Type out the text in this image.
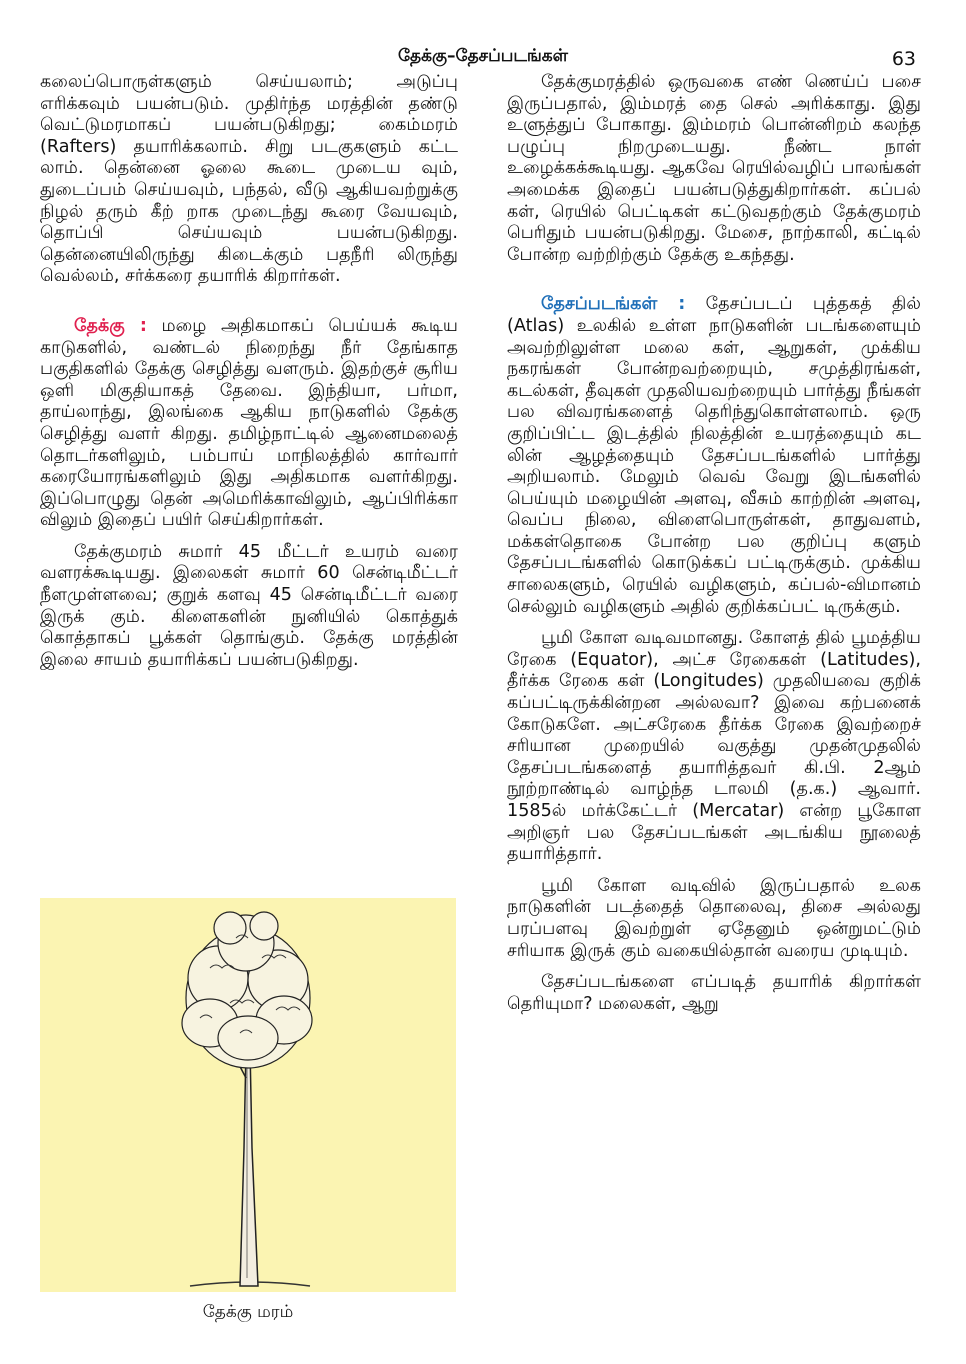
தேக்கு–தேசப்படங்கள்	63

கலைப்பொருள்களும் செய்யலாம்; அடுப்பு எரிக்கவும் பயன்படும். முதிர்ந்த மரத்தின் தண்டு வெட்டுமரமாகப் பயன்படுகிறது; கைம்மரம் (Rafters) தயாரிக்கலாம். சிறு படகுகளும் கட்ட லாம். தென்னை ஓலை கூடை முடைய வும், துடைப்பம் செய்யவும், பந்தல், வீடு ஆகியவற்றுக்கு நிழல் தரும் கீற் றாக முடைந்து கூரை வேயவும், தொப்பி செய்யவும் பயன்படுகிறது. தென்னையிலிருந்து கிடைக்கும் பதநீரி லிருந்து வெல்லம், சர்க்கரை தயாரிக் கிறார்கள்.

தேக்கு : மழை அதிகமாகப் பெய்யக் கூடிய காடுகளில், வண்டல் நிறைந்து நீர் தேங்காத பகுதிகளில் தேக்கு செழித்து வளரும். இதற்குச் சூரிய ஒளி மிகுதியாகத் தேவை. இந்தியா, பர்மா, தாய்லாந்து, இலங்கை ஆகிய நாடுகளில் தேக்கு செழித்து வளர் கிறது. தமிழ்நாட்டில் ஆனைமலைத் தொடர்களிலும், பம்பாய் மாநிலத்தில் கார்வார் கரையோரங்களிலும் இது அதிகமாக வளர்கிறது. இப்பொழுது தென் அமெரிக்காவிலும், ஆப்பிரிக்கா விலும் இதைப் பயிர் செய்கிறார்கள்.

தேக்குமரம் சுமார் 45 மீட்டர் உயரம் வரை வளரக்கூடியது. இலைகள் சுமார் 60 சென்டிமீட்டர் நீளமுள்ளவை; குறுக் களவு 45 சென்டிமீட்டர் வரை இருக் கும். கிளைகளின் நுனியில் கொத்துக் கொத்தாகப் பூக்கள் தொங்கும். தேக்கு மரத்தின் இலை சாயம் தயாரிக்கப் பயன்படுகிறது.

தேக்கு மரம்

தேக்குமரத்தில் ஒருவகை எண் ணெய்ப் பசை இருப்பதால், இம்மரத் தை செல் அரிக்காது. இது உளுத்துப் போகாது. இம்மரம் பொன்னிறம் கலந்த பழுப்பு நிறமுடையது. நீண்ட நாள் உழைக்கக்கூடியது. ஆகவே ரெயில்வழிப் பாலங்கள் அமைக்க இதைப் பயன்படுத்துகிறார்கள். கப்பல் கள், ரெயில் பெட்டிகள் கட்டுவதற்கும் தேக்குமரம் பெரிதும் பயன்படுகிறது. மேசை, நாற்காலி, கட்டில் போன்ற வற்றிற்கும் தேக்கு உகந்தது.

தேசப்படங்கள் : தேசப்படப் புத்தகத் தில் (Atlas) உலகில் உள்ள நாடுகளின் படங்களையும் அவற்றிலுள்ள மலை கள், ஆறுகள், முக்கிய நகரங்கள் போன்றவற்றையும், சமுத்திரங்கள், கடல்கள், தீவுகள் முதலியவற்றையும் பார்த்து நீங்கள் பல விவரங்களைத் தெரிந்துகொள்ளலாம். ஒரு குறிப்பிட்ட இடத்தில் நிலத்தின் உயரத்தையும் கட லின் ஆழத்தையும் தேசப்படங்களில் பார்த்து அறியலாம். மேலும் வெவ் வேறு இடங்களில் பெய்யும் மழையின் அளவு, வீசும் காற்றின் அளவு, வெப்ப நிலை, விளைபொருள்கள், தாதுவளம், மக்கள்தொகை போன்ற பல குறிப்பு களும் தேசப்படங்களில் கொடுக்கப் பட்டிருக்கும். முக்கிய சாலைகளும், ரெயில் வழிகளும், கப்பல்-விமானம் செல்லும் வழிகளும் அதில் குறிக்கப்பட் டிருக்கும்.

பூமி கோள வடிவமானது. கோளத் தில் பூமத்திய ரேகை (Equator), அட்ச ரேகைகள் (Latitudes), தீர்க்க ரேகை கள் (Longitudes) முதலியவை குறிக் கப்பட்டிருக்கின்றன அல்லவா? இவை கற்பனைக் கோடுகளே. அட்சரேகை தீர்க்க ரேகை இவற்றைச் சரியான முறையில் வகுத்து முதன்முதலில் தேசப்படங்களைத் தயாரித்தவர் கி.பி. 2ஆம் நூற்றாண்டில் வாழ்ந்த டாலமி (த.க.) ஆவார். 1585ல் மர்க்கேட்டர் (Mercatar) என்ற பூகோள அறிஞர் பல தேசப்படங்கள் அடங்கிய நூலைத் தயாரித்தார்.

பூமி கோள வடிவில் இருப்பதால் உலக நாடுகளின் படத்தைத் தொலைவு, திசை அல்லது பரப்பளவு இவற்றுள் ஏதேனும் ஒன்றுமட்டும் சரியாக இருக் கும் வகையில்தான் வரைய முடியும்.

தேசப்படங்களை எப்படித் தயாரிக் கிறார்கள் தெரியுமா? மலைகள், ஆறு
